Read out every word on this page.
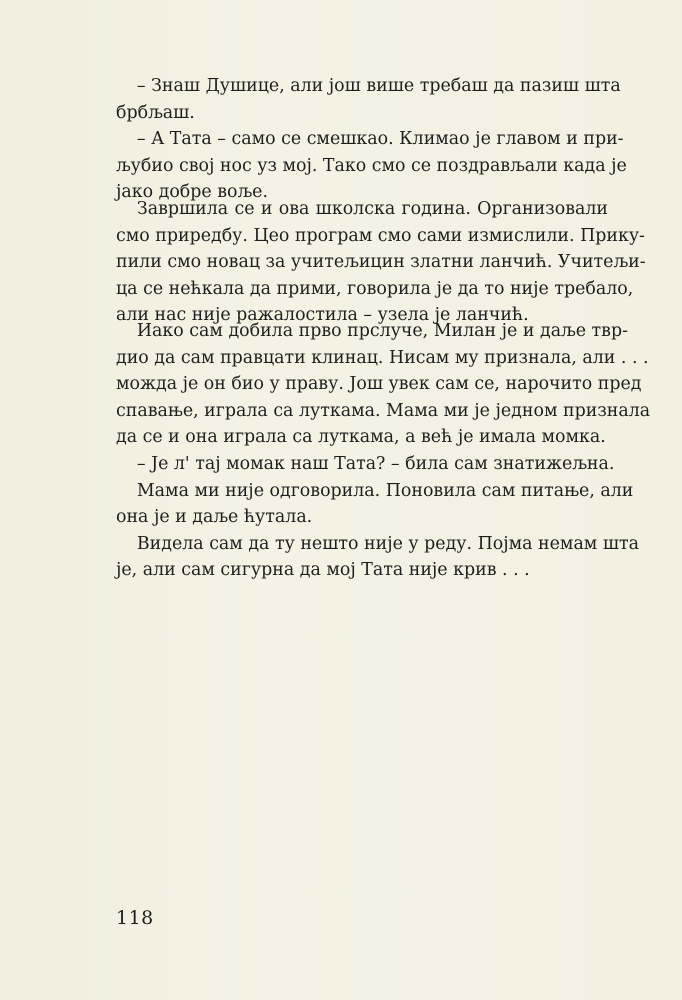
– Знаш Душице, али још више требаш да пазиш шта
брбљаш.
– А Тата – само се смешкао. Климао је главом и при-
љубио свој нос уз мој. Тако смо се поздрављали када је
јако добре воље.
Завршила се и ова школска година. Организовали
смо приредбу. Цео програм смо сами измислили. Прику-
пили смо новац за учитељицин златни ланчић. Учитељи-
ца се нећкала да прими, говорила је да то није требало,
али нас није ражалостила – узела је ланчић.
Иако сам добила прво прслуче, Милан је и даље твр-
дио да сам правцати клинац. Нисам му признала, али . . .
можда је он био у праву. Још увек сам се, нарочито пред
спавање, играла са луткама. Мама ми је једном признала
да се и она играла са луткама, а већ је имала момка.
– Је л' тај момак наш Тата? – била сам знатижељна.
Мама ми није одговорила. Поновила сам питање, али
она је и даље ћутала.
Видела сам да ту нешто није у реду. Појма немам шта
је, али сам сигурна да мој Тата није крив . . .
118
